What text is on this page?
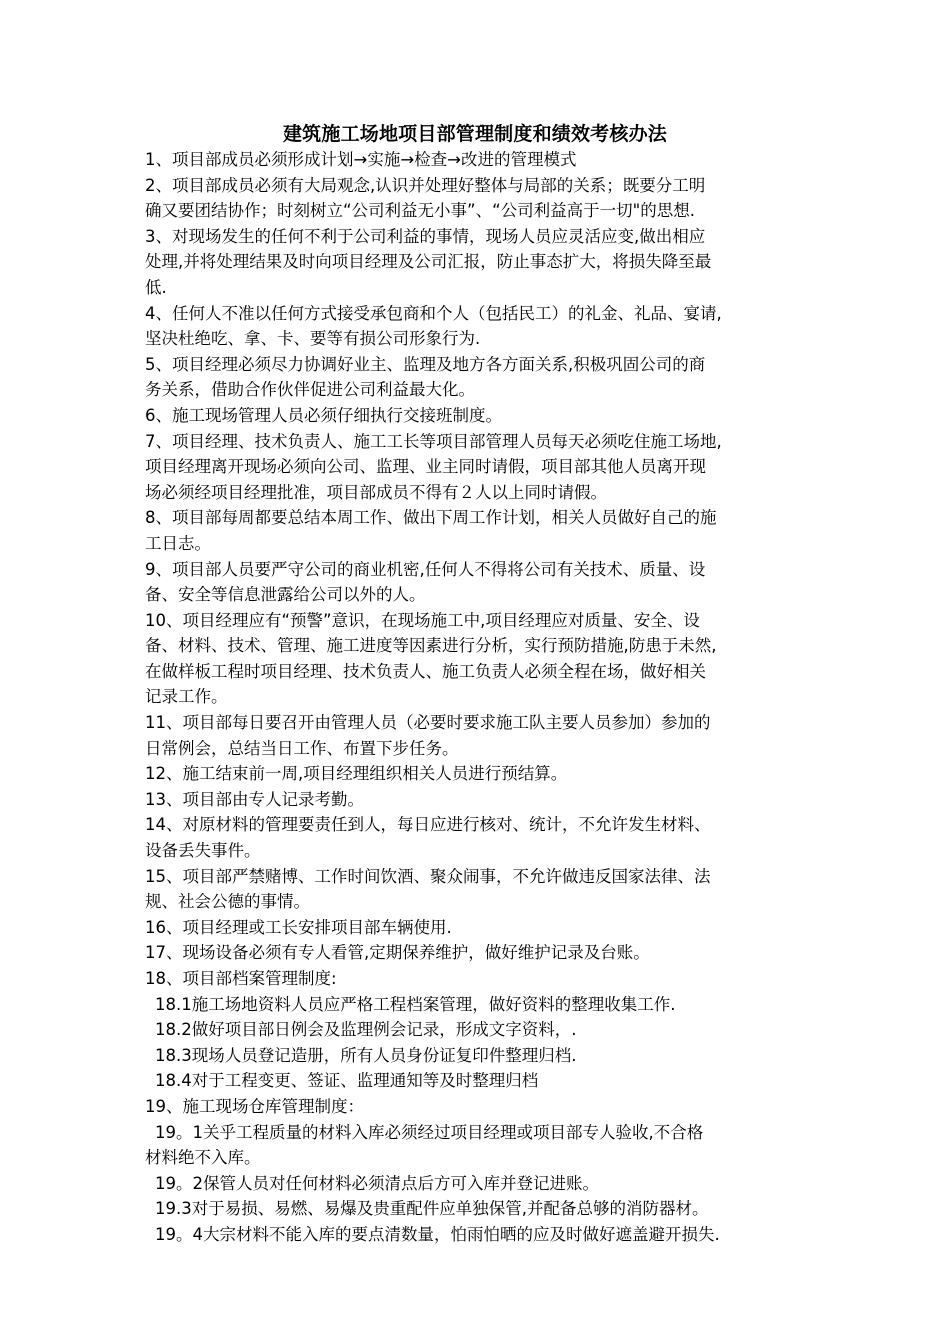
建筑施工场地项目部管理制度和绩效考核办法
1、项目部成员必须形成计划→实施→检查→改进的管理模式
2、项目部成员必须有大局观念,认识并处理好整体与局部的关系；既要分工明
确又要团结协作；时刻树立“公司利益无小事”、“公司利益高于一切"的思想.
3、对现场发生的任何不利于公司利益的事情，现场人员应灵活应变,做出相应
处理,并将处理结果及时向项目经理及公司汇报，防止事态扩大，将损失降至最
低.
4、任何人不准以任何方式接受承包商和个人（包括民工）的礼金、礼品、宴请,
坚决杜绝吃、拿、卡、要等有损公司形象行为.
5、项目经理必须尽力协调好业主、监理及地方各方面关系,积极巩固公司的商
务关系，借助合作伙伴促进公司利益最大化。
6、施工现场管理人员必须仔细执行交接班制度。
7、项目经理、技术负责人、施工工长等项目部管理人员每天必须吃住施工场地,
项目经理离开现场必须向公司、监理、业主同时请假，项目部其他人员离开现
场必须经项目经理批准，项目部成员不得有２人以上同时请假。
8、项目部每周都要总结本周工作、做出下周工作计划，相关人员做好自己的施
工日志。
9、项目部人员要严守公司的商业机密,任何人不得将公司有关技术、质量、设
备、安全等信息泄露给公司以外的人。
10、项目经理应有“预警”意识，在现场施工中,项目经理应对质量、安全、设
备、材料、技术、管理、施工进度等因素进行分析，实行预防措施,防患于未然,
在做样板工程时项目经理、技术负责人、施工负责人必须全程在场，做好相关
记录工作。
11、项目部每日要召开由管理人员（必要时要求施工队主要人员参加）参加的
日常例会，总结当日工作、布置下步任务。
12、施工结束前一周,项目经理组织相关人员进行预结算。
13、项目部由专人记录考勤。
14、对原材料的管理要责任到人，每日应进行核对、统计，不允许发生材料、
设备丢失事件。
15、项目部严禁赌博、工作时间饮酒、聚众闹事，不允许做违反国家法律、法
规、社会公德的事情。
16、项目经理或工长安排项目部车辆使用.
17、现场设备必须有专人看管,定期保养维护，做好维护记录及台账。
18、项目部档案管理制度:
18.1施工场地资料人员应严格工程档案管理，做好资料的整理收集工作.
18.2做好项目部日例会及监理例会记录，形成文字资料，.
18.3现场人员登记造册，所有人员身份证复印件整理归档.
18.4对于工程变更、签证、监理通知等及时整理归档
19、施工现场仓库管理制度：
19。1关乎工程质量的材料入库必须经过项目经理或项目部专人验收,不合格
材料绝不入库。
19。2保管人员对任何材料必须清点后方可入库并登记进账。
19.3对于易损、易燃、易爆及贵重配件应单独保管,并配备总够的消防器材。
19。4大宗材料不能入库的要点清数量，怕雨怕晒的应及时做好遮盖避开损失.
